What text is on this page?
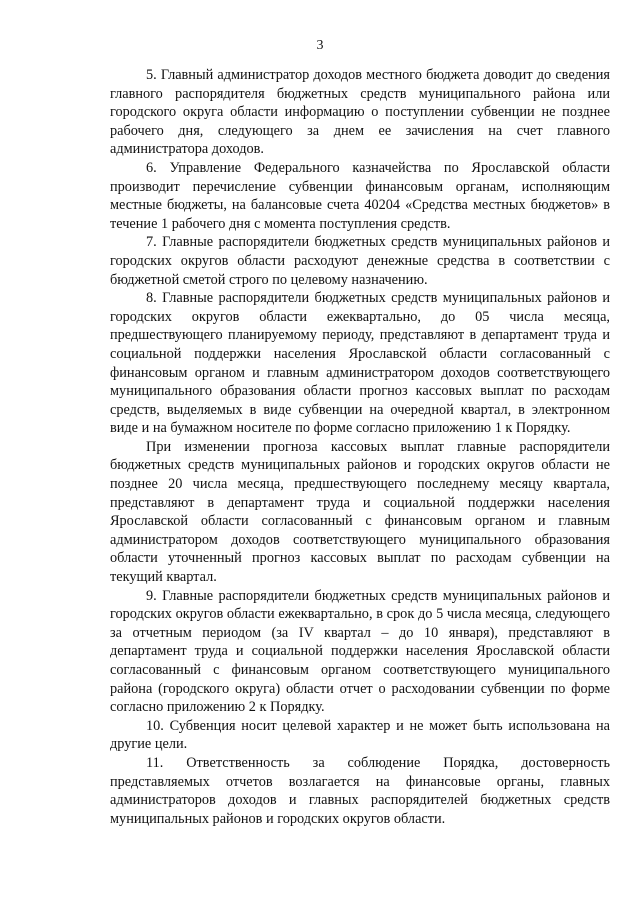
3

5. Главный администратор доходов местного бюджета доводит до сведения главного распорядителя бюджетных средств муниципального района или городского округа области информацию о поступлении субвенции не позднее рабочего дня, следующего за днем ее зачисления на счет главного администратора доходов.

6. Управление Федерального казначейства по Ярославской области производит перечисление субвенции финансовым органам, исполняющим местные бюджеты, на балансовые счета 40204 «Средства местных бюджетов» в течение 1 рабочего дня с момента поступления средств.

7. Главные распорядители бюджетных средств муниципальных районов и городских округов области расходуют денежные средства в соответствии с бюджетной сметой строго по целевому назначению.

8. Главные распорядители бюджетных средств муниципальных районов и городских округов области ежеквартально, до 05 числа месяца, предшествующего планируемому периоду, представляют в департамент труда и социальной поддержки населения Ярославской области согласованный с финансовым органом и главным администратором доходов соответствующего муниципального образования области прогноз кассовых выплат по расходам средств, выделяемых в виде субвенции на очередной квартал, в электронном виде и на бумажном носителе по форме согласно приложению 1 к Порядку.

При изменении прогноза кассовых выплат главные распорядители бюджетных средств муниципальных районов и городских округов области не позднее 20 числа месяца, предшествующего последнему месяцу квартала, представляют в департамент труда и социальной поддержки населения Ярославской области согласованный с финансовым органом и главным администратором доходов соответствующего муниципального образования области уточненный прогноз кассовых выплат по расходам субвенции на текущий квартал.

9. Главные распорядители бюджетных средств муниципальных районов и городских округов области ежеквартально, в срок до 5 числа месяца, следующего за отчетным периодом (за IV квартал – до 10 января), представляют в департамент труда и социальной поддержки населения Ярославской области согласованный с финансовым органом соответствующего муниципального района (городского округа) области отчет о расходовании субвенции по форме согласно приложению 2 к Порядку.

10. Субвенция носит целевой характер и не может быть использована на другие цели.

11. Ответственность за соблюдение Порядка, достоверность представляемых отчетов возлагается на финансовые органы, главных администраторов доходов и главных распорядителей бюджетных средств муниципальных районов и городских округов области.
